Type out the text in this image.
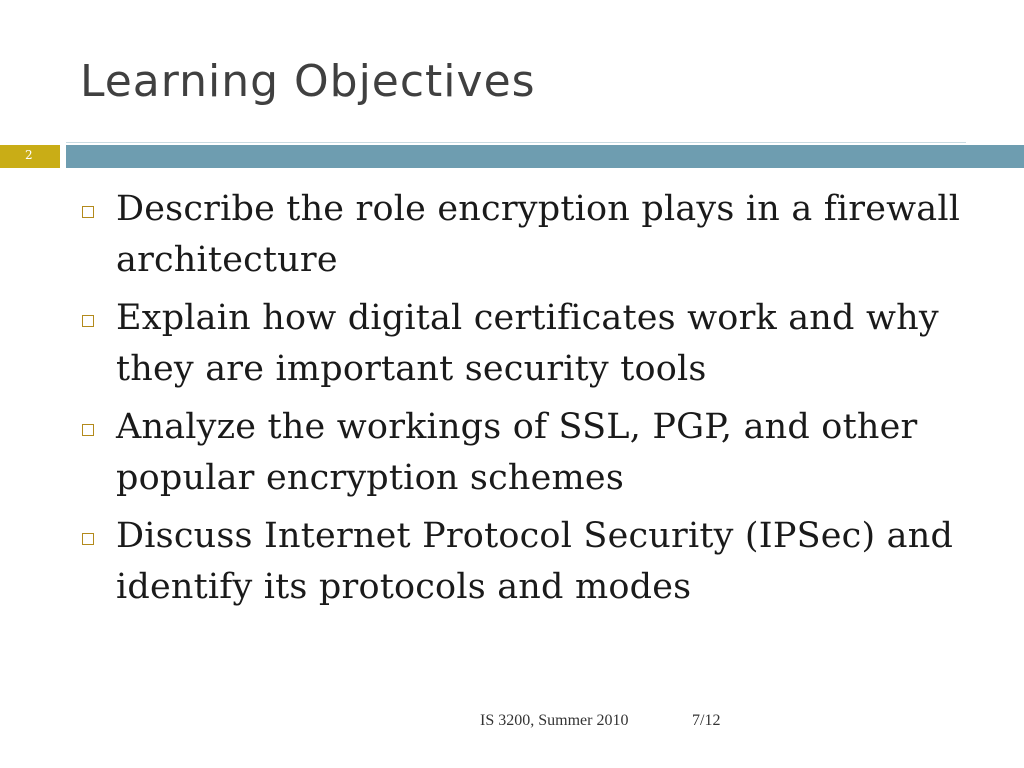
Learning Objectives
2
Describe the role encryption plays in a firewall architecture
Explain how digital certificates work and why they are important security tools
Analyze the workings of SSL, PGP, and other popular encryption schemes
Discuss Internet Protocol Security (IPSec) and identify its protocols and modes
IS 3200, Summer 2010	7/12
